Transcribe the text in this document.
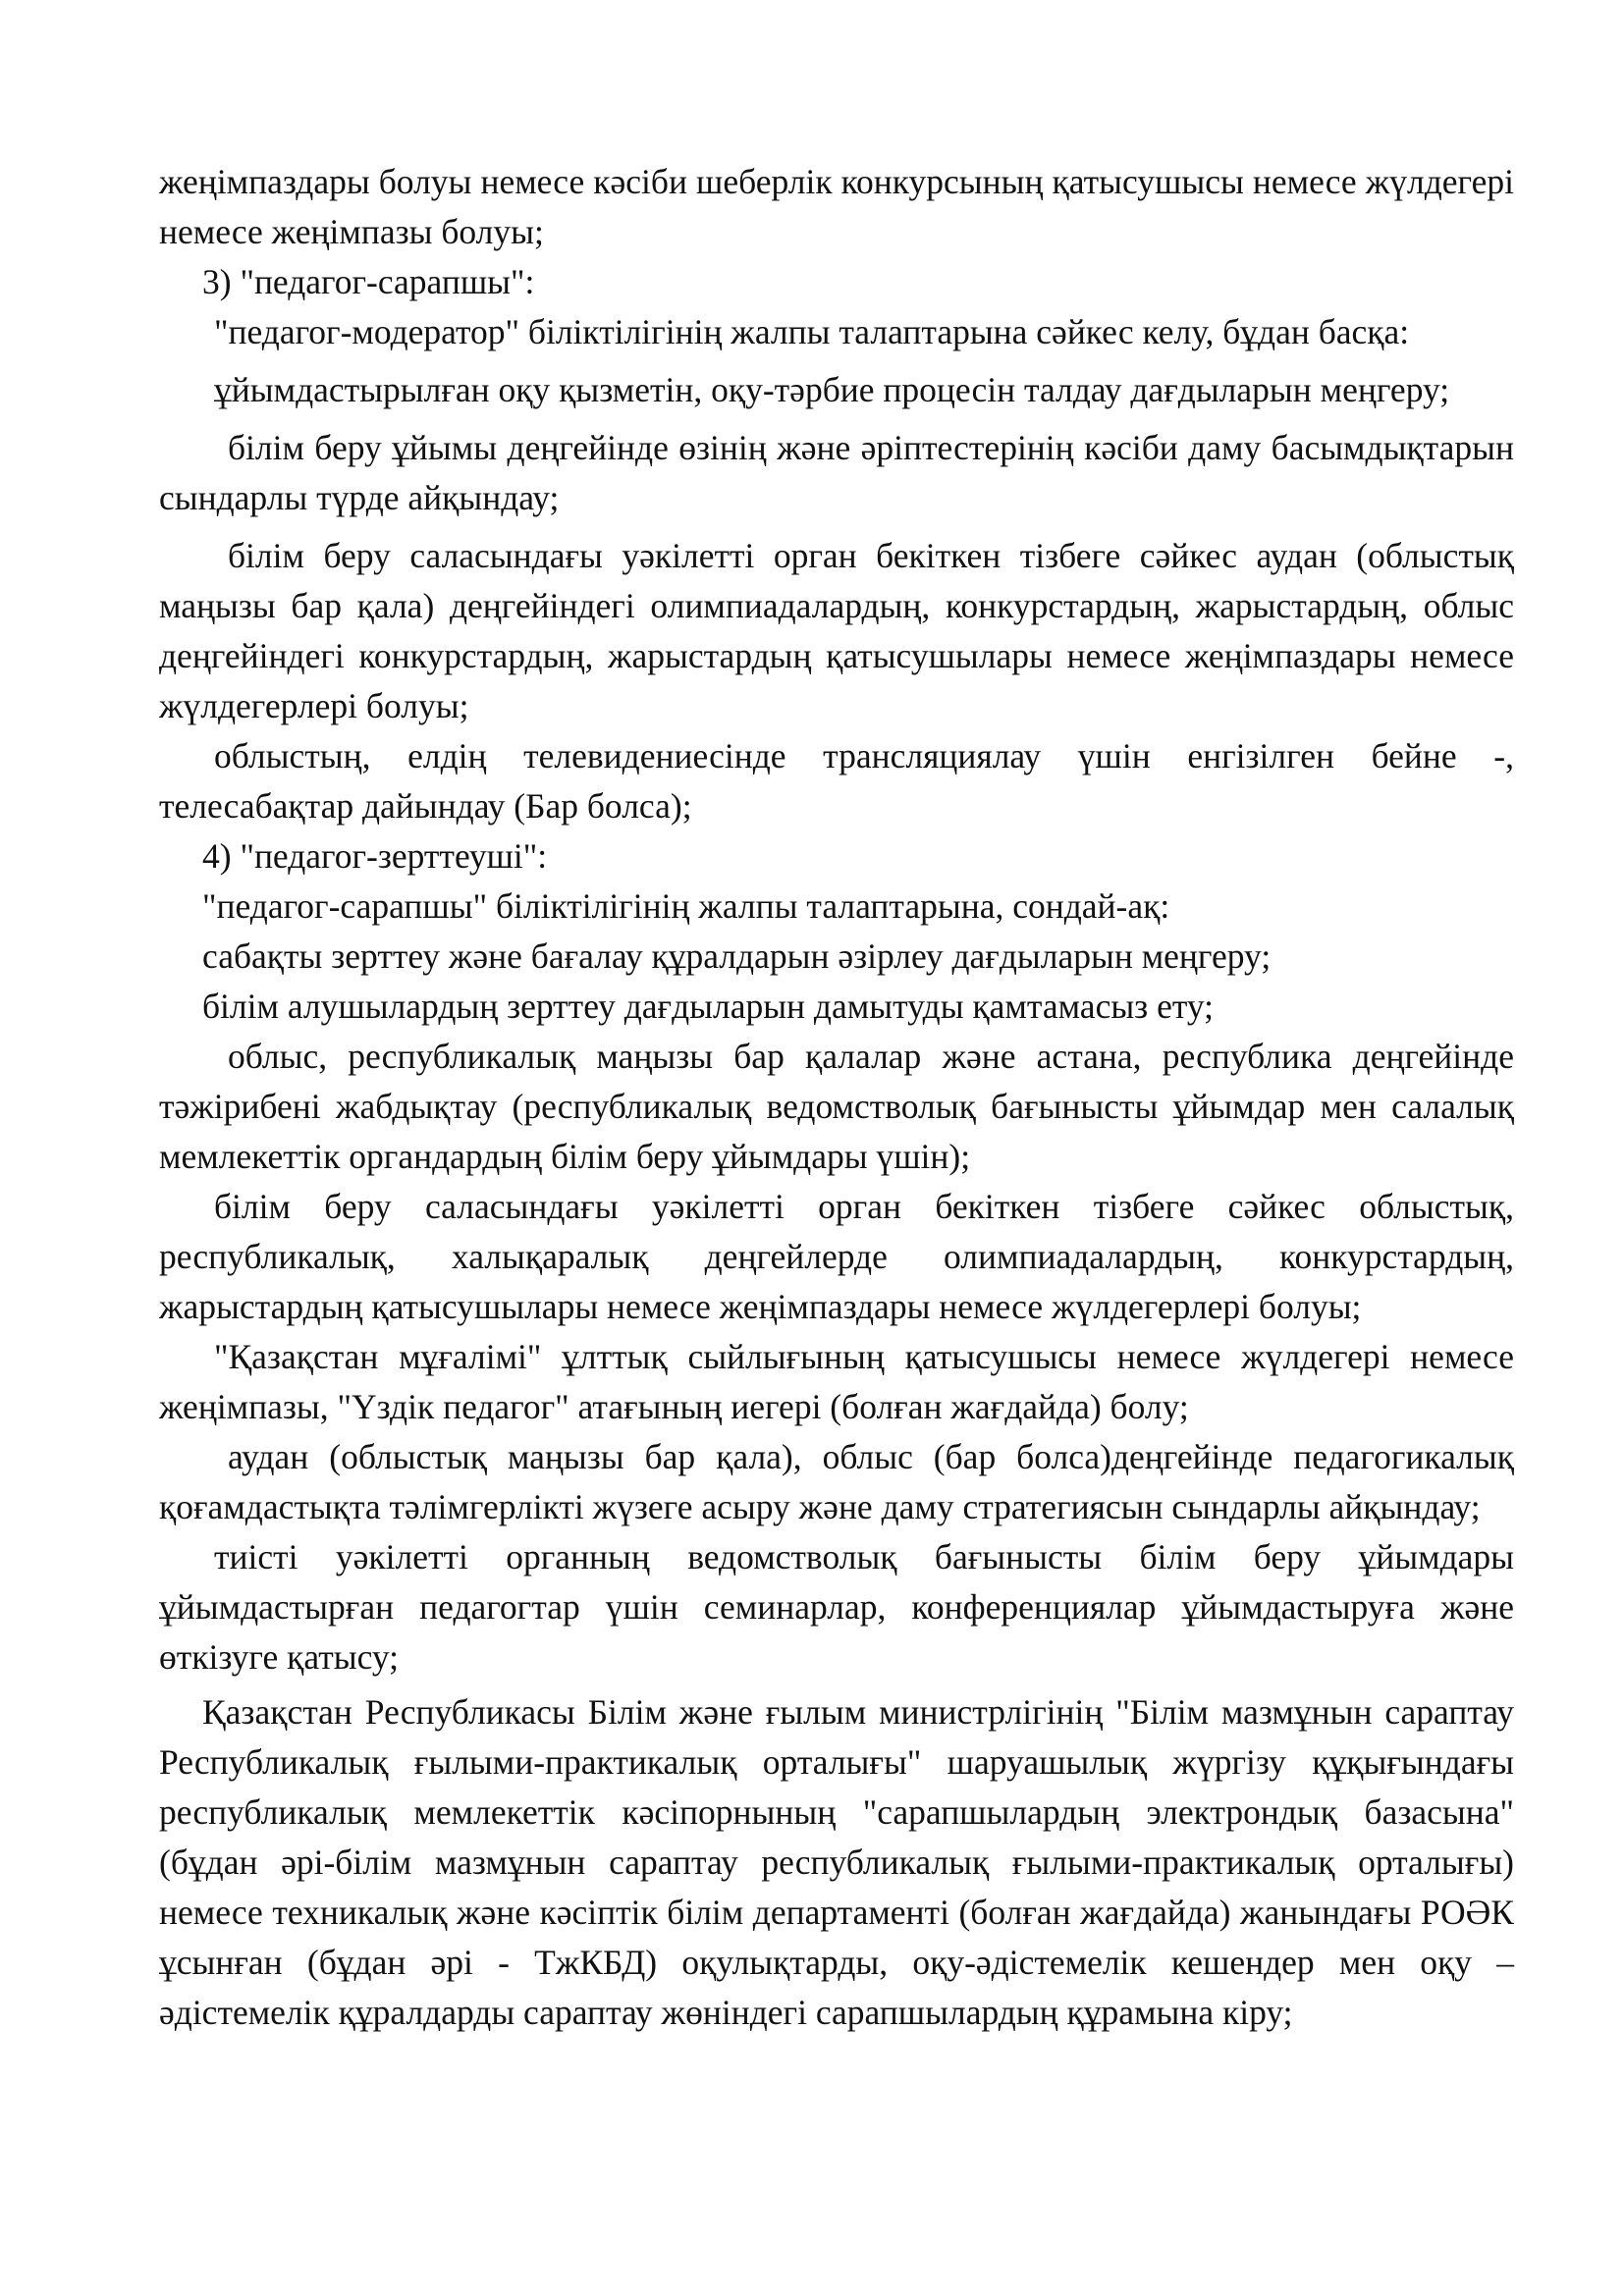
жеңімпаздары болуы немесе кәсіби шеберлік конкурсының қатысушысы немесе жүлдегері немесе жеңімпазы болуы;

3) "педагог-сарапшы":

"педагог-модератор" біліктілігінің жалпы талаптарына сәйкес келу, бұдан басқа:

ұйымдастырылған оқу қызметін, оқу-тәрбие процесін талдау дағдыларын меңгеру;

білім беру ұйымы деңгейінде өзінің және әріптестерінің кәсіби даму басымдықтарын сындарлы түрде айқындау;

білім беру саласындағы уәкілетті орган бекіткен тізбеге сәйкес аудан (облыстық маңызы бар қала) деңгейіндегі олимпиадалардың, конкурстардың, жарыстардың, облыс деңгейіндегі конкурстардың, жарыстардың қатысушылары немесе жеңімпаздары немесе жүлдегерлері болуы;

облыстың, елдің телевидениесінде трансляциялау үшін енгізілген бейне -, телесабақтар дайындау (Бар болса);

4) "педагог-зерттеуші":

"педагог-сарапшы" біліктілігінің жалпы талаптарына, сондай-ақ:

сабақты зерттеу және бағалау құралдарын әзірлеу дағдыларын меңгеру;

білім алушылардың зерттеу дағдыларын дамытуды қамтамасыз ету;

облыс, республикалық маңызы бар қалалар және астана, республика деңгейінде тәжірибені жабдықтау (республикалық ведомстволық бағынысты ұйымдар мен салалық мемлекеттік органдардың білім беру ұйымдары үшін);

білім беру саласындағы уәкілетті орган бекіткен тізбеге сәйкес облыстық, республикалық, халықаралық деңгейлерде олимпиадалардың, конкурстардың, жарыстардың қатысушылары немесе жеңімпаздары немесе жүлдегерлері болуы;

"Қазақстан мұғалімі" ұлттық сыйлығының қатысушысы немесе жүлдегері немесе жеңімпазы, "Үздік педагог" атағының иегері (болған жағдайда) болу;

аудан (облыстық маңызы бар қала), облыс (бар болса)деңгейінде педагогикалық қоғамдастықта тәлімгерлікті жүзеге асыру және даму стратегиясын сындарлы айқындау;

тиісті уәкілетті органның ведомстволық бағынысты білім беру ұйымдары ұйымдастырған педагогтар үшін семинарлар, конференциялар ұйымдастыруға және өткізуге қатысу;

Қазақстан Республикасы Білім және ғылым министрлігінің "Білім мазмұнын сараптау Республикалық ғылыми-практикалық орталығы" шаруашылық жүргізу құқығындағы республикалық мемлекеттік кәсіпорнының "сарапшылардың электрондық базасына" (бұдан әрі-білім мазмұнын сараптау республикалық ғылыми-практикалық орталығы) немесе техникалық және кәсіптік білім департаменті (болған жағдайда) жанындағы РОӘК ұсынған (бұдан әрі - ТжКБД) оқулықтарды, оқу-әдістемелік кешендер мен оқу – әдістемелік құралдарды сараптау жөніндегі сарапшылардың құрамына кіру;
